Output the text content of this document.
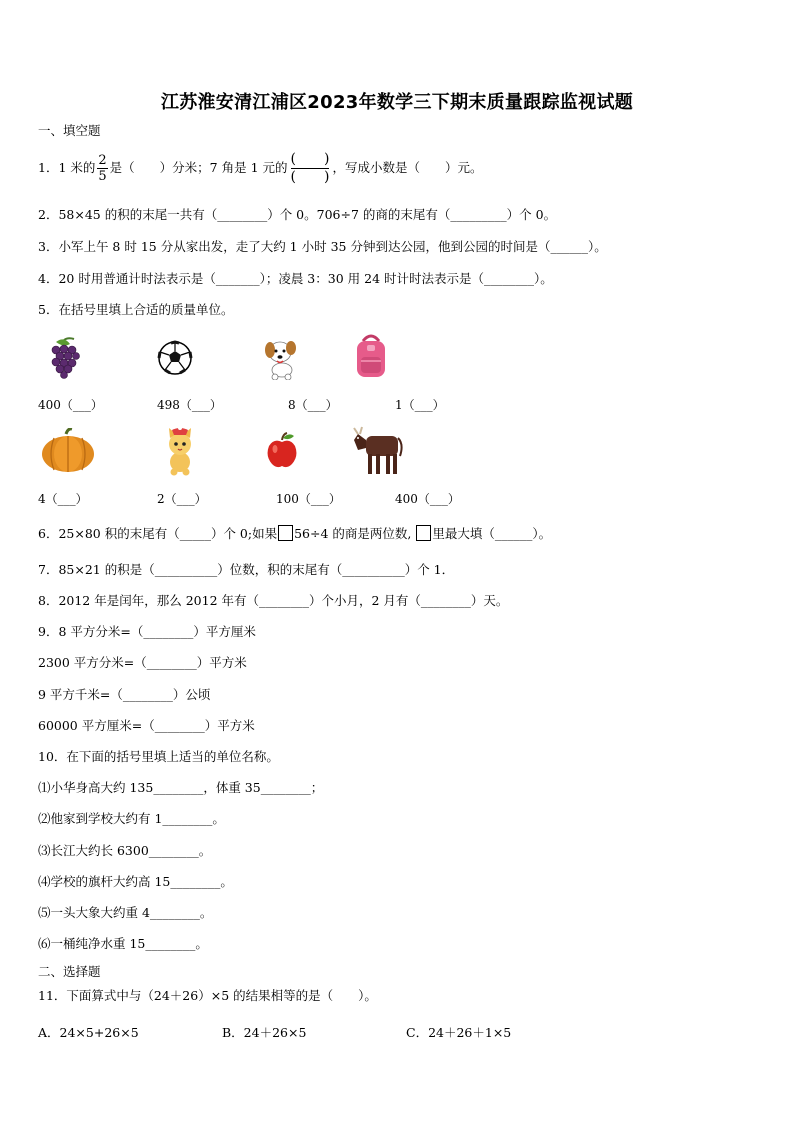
江苏淮安清江浦区2023年数学三下期末质量跟踪监视试题
一、填空题
1．1 米的 $\frac{2}{5}$ 是（　　）分米；7 角是 1 元的 $\frac{( )}{( )}$ ，写成小数是（　　）元。
2．58×45 的积的末尾一共有（________）个 0。706÷7 的商的末尾有（_________）个 0。
3．小军上午 8 时 15 分从家出发，走了大约 1 小时 35 分钟到达公园，他到公园的时间是（______）。
4．20 时用普通计时法表示是（_______）；凌晨 3：30 用 24 时计时法表示是（________）。
5．在括号里填上合适的质量单位。
400（___）	498（___）	8（___）	1（___）
4（___）	2（___）	100（___）	400（___）
6．25×80 积的末尾有（_____）个 0;如果 56÷4 的商是两位数, 里最大填（______）。
7．85×21 的积是（__________）位数，积的末尾有（__________）个 1．
8．2012 年是闰年，那么 2012 年有（________）个小月，2 月有（________）天。
9．8 平方分米=（________）平方厘米
2300 平方分米=（________）平方米
9 平方千米=（________）公顷
60000 平方厘米=（________）平方米
10．在下面的括号里填上适当的单位名称。
⑴小华身高大约 135________，体重 35________；
⑵他家到学校大约有 1________。
⑶长江大约长 6300________。
⑷学校的旗杆大约高 15________。
⑸一头大象大约重 4________。
⑹一桶纯净水重 15________。
二、选择题
11．下面算式中与（24＋26）×5 的结果相等的是（　　）。
A．24×5+26×5	B．24＋26×5	C．24＋26＋1×5
